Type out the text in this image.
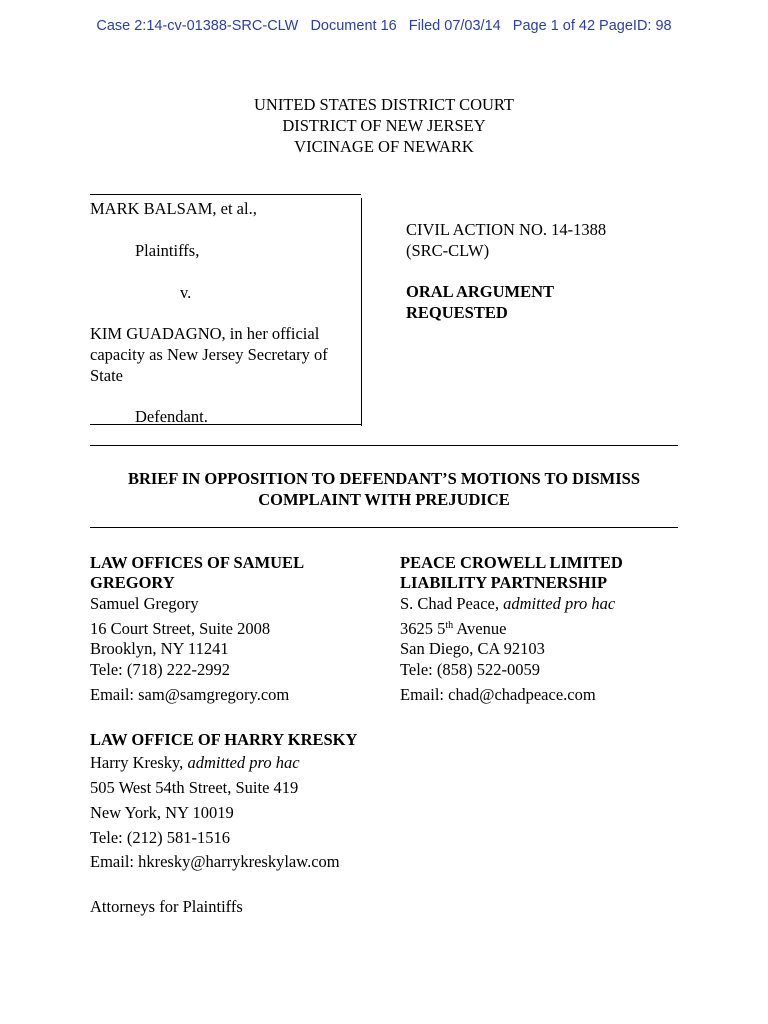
Case 2:14-cv-01388-SRC-CLW Document 16 Filed 07/03/14 Page 1 of 42 PageID: 98
UNITED STATES DISTRICT COURT
DISTRICT OF NEW JERSEY
VICINAGE OF NEWARK
MARK BALSAM, et al.,
Plaintiffs,
v.
KIM GUADAGNO, in her official
capacity as New Jersey Secretary of
State
Defendant.
CIVIL ACTION NO. 14-1388
(SRC-CLW)
ORAL ARGUMENT
REQUESTED
BRIEF IN OPPOSITION TO DEFENDANT’S MOTIONS TO DISMISS
COMPLAINT WITH PREJUDICE
LAW OFFICES OF SAMUEL
GREGORY
Samuel Gregory
16 Court Street, Suite 2008
Brooklyn, NY 11241
Tele: (718) 222-2992
Email: sam@samgregory.com
PEACE CROWELL LIMITED
LIABILITY PARTNERSHIP
S. Chad Peace, admitted pro hac
3625 5th Avenue
San Diego, CA 92103
Tele: (858) 522-0059
Email: chad@chadpeace.com
LAW OFFICE OF HARRY KRESKY
Harry Kresky, admitted pro hac
505 West 54th Street, Suite 419
New York, NY 10019
Tele: (212) 581-1516
Email: hkresky@harrykreskylaw.com
Attorneys for Plaintiffs
